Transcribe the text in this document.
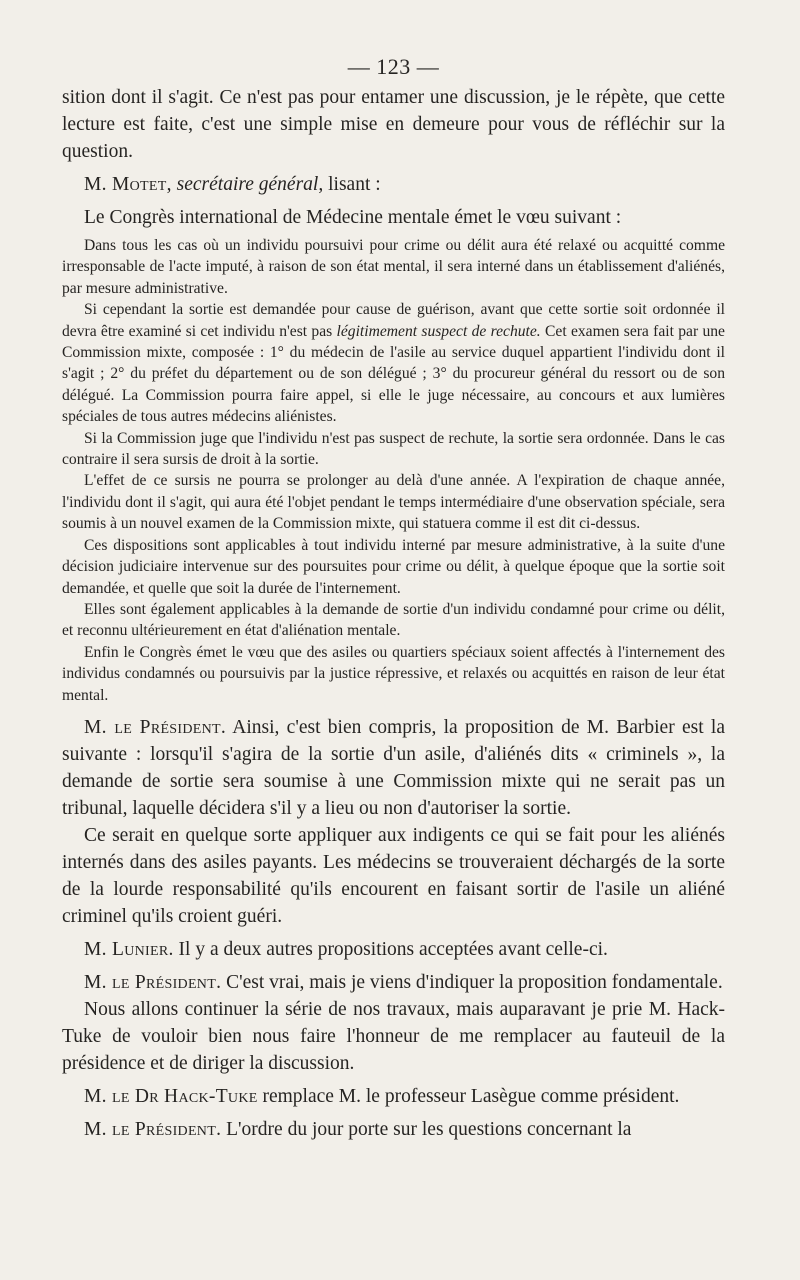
— 123 —

sition dont il s'agit. Ce n'est pas pour entamer une discussion, je le répète, que cette lecture est faite, c'est une simple mise en demeure pour vous de réfléchir sur la question.

M. Motet, secrétaire général, lisant :

Le Congrès international de Médecine mentale émet le vœu suivant :

Dans tous les cas où un individu poursuivi pour crime ou délit aura été relaxé ou acquitté comme irresponsable de l'acte imputé, à raison de son état mental, il sera interné dans un établissement d'aliénés, par mesure administrative.

Si cependant la sortie est demandée pour cause de guérison, avant que cette sortie soit ordonnée il devra être examiné si cet individu n'est pas légitimement suspect de rechute. Cet examen sera fait par une Commission mixte, composée : 1° du médecin de l'asile au service duquel appartient l'individu dont il s'agit ; 2° du préfet du département ou de son délégué ; 3° du procureur général du ressort ou de son délégué. La Commission pourra faire appel, si elle le juge nécessaire, au concours et aux lumières spéciales de tous autres médecins aliénistes.

Si la Commission juge que l'individu n'est pas suspect de rechute, la sortie sera ordonnée. Dans le cas contraire il sera sursis de droit à la sortie.

L'effet de ce sursis ne pourra se prolonger au delà d'une année. A l'expiration de chaque année, l'individu dont il s'agit, qui aura été l'objet pendant le temps intermédiaire d'une observation spéciale, sera soumis à un nouvel examen de la Commission mixte, qui statuera comme il est dit ci-dessus.

Ces dispositions sont applicables à tout individu interné par mesure administrative, à la suite d'une décision judiciaire intervenue sur des poursuites pour crime ou délit, à quelque époque que la sortie soit demandée, et quelle que soit la durée de l'internement.

Elles sont également applicables à la demande de sortie d'un individu condamné pour crime ou délit, et reconnu ultérieurement en état d'aliénation mentale.

Enfin le Congrès émet le vœu que des asiles ou quartiers spéciaux soient affectés à l'internement des individus condamnés ou poursuivis par la justice répressive, et relaxés ou acquittés en raison de leur état mental.

M. le Président. Ainsi, c'est bien compris, la proposition de M. Barbier est la suivante : lorsqu'il s'agira de la sortie d'un asile, d'aliénés dits « criminels », la demande de sortie sera soumise à une Commission mixte qui ne serait pas un tribunal, laquelle décidera s'il y a lieu ou non d'autoriser la sortie.

Ce serait en quelque sorte appliquer aux indigents ce qui se fait pour les aliénés internés dans des asiles payants. Les médecins se trouveraient déchargés de la sorte de la lourde responsabilité qu'ils encourent en faisant sortir de l'asile un aliéné criminel qu'ils croient guéri.

M. Lunier. Il y a deux autres propositions acceptées avant celle-ci.

M. le Président. C'est vrai, mais je viens d'indiquer la proposition fondamentale.

Nous allons continuer la série de nos travaux, mais auparavant je prie M. Hack-Tuke de vouloir bien nous faire l'honneur de me remplacer au fauteuil de la présidence et de diriger la discussion.

M. le Dr Hack-Tuke remplace M. le professeur Lasègue comme président.

M. le Président. L'ordre du jour porte sur les questions concernant la
